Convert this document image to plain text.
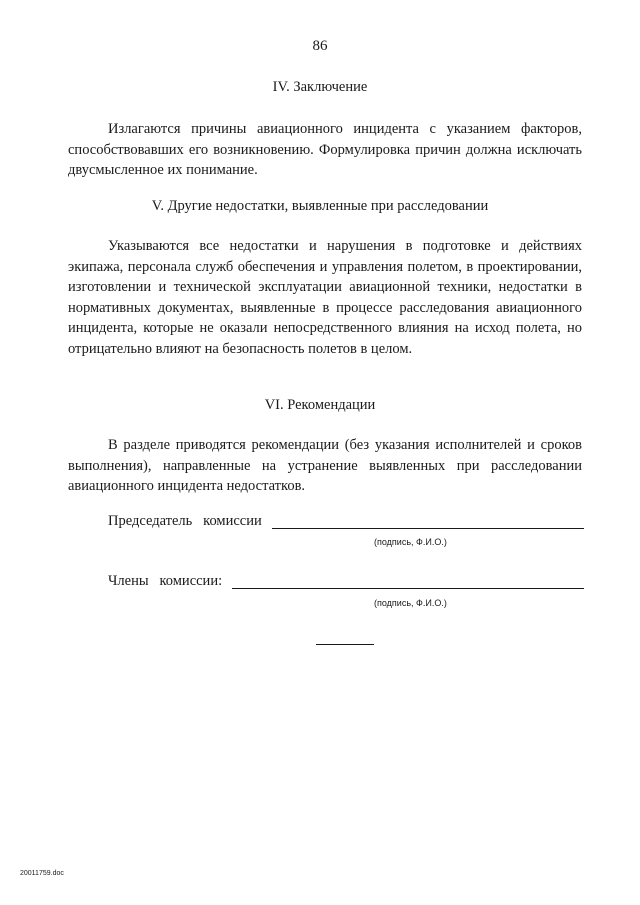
86
IV. Заключение

Излагаются причины авиационного инцидента с указанием факторов, способствовавших его возникновению. Формулировка причин должна исключать двусмысленное их понимание.

V. Другие недостатки, выявленные при расследовании

Указываются все недостатки и нарушения в подготовке и действиях экипажа, персонала служб обеспечения и управления полетом, в проектировании, изготовлении и технической эксплуатации авиационной техники, недостатки в нормативных документах, выявленные в процессе расследования авиационного инцидента, которые не оказали непосредственного влияния на исход полета, но отрицательно влияют на безопасность полетов в целом.

VI. Рекомендации

В разделе приводятся рекомендации (без указания исполнителей и сроков выполнения), направленные на устранение выявленных при расследовании авиационного инцидента недостатков.

Председатель   комиссии
(подпись, Ф.И.О.)
Члены   комиссии:
(подпись, Ф.И.О.)
20011759.doc
